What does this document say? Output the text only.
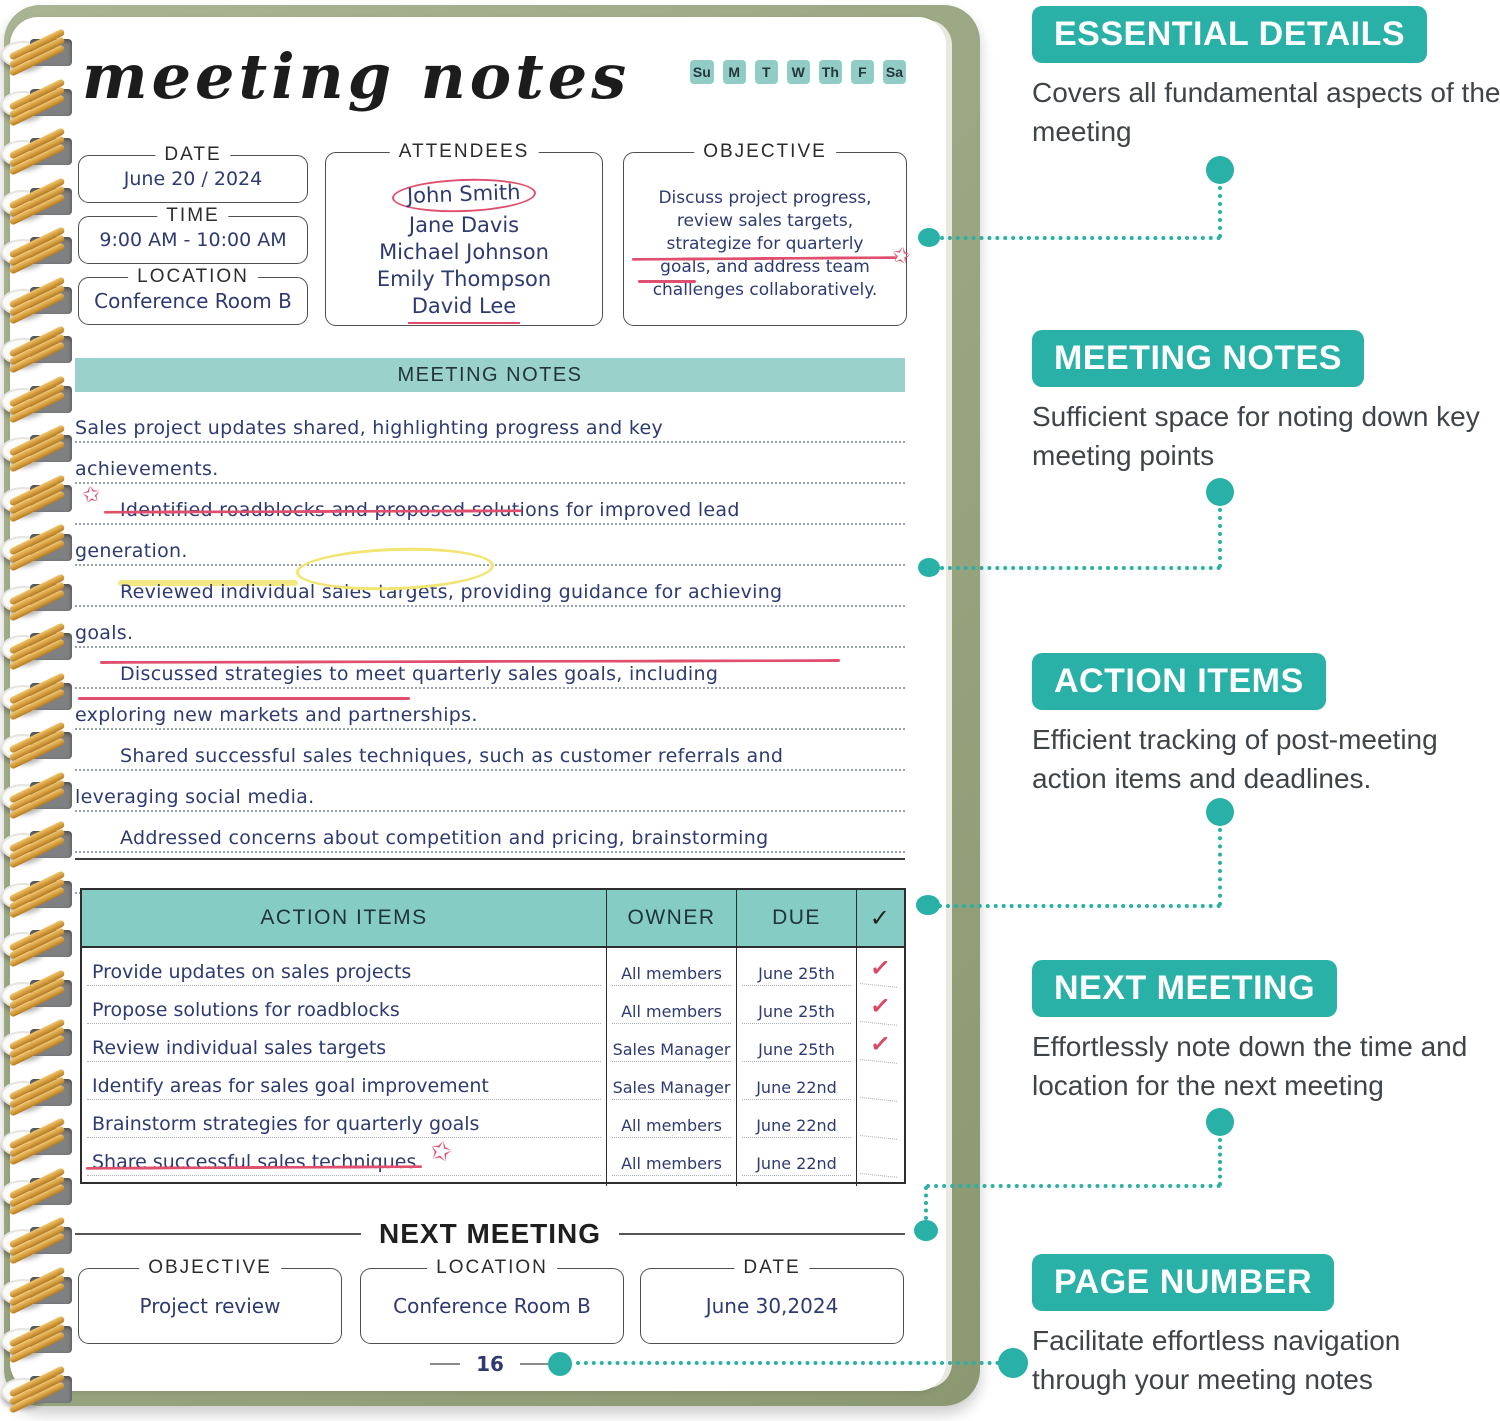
meeting notes	Su	M	T	W	Th	F	Sa
DATE
June 20 / 2024
TIME
9:00 AM - 10:00 AM
LOCATION
Conference Room B
ATTENDEES
John Smith
Jane Davis
Michael Johnson
Emily Thompson
David Lee
OBJECTIVE
Discuss project progress,
review sales targets,
strategize for quarterly
goals, and address team
challenges collaboratively.
✩
MEETING NOTES
Sales project updates shared, highlighting progress and key
achievements.
Identified roadblocks and proposed solutions for improved lead
generation.
Reviewed individual sales targets, providing guidance for achieving
goals.
Discussed strategies to meet quarterly sales goals, including
exploring new markets and partnerships.
Shared successful sales techniques, such as customer referrals and
leveraging social media.
Addressed concerns about competition and pricing, brainstorming
✩
ACTION ITEMS	OWNER	DUE	✓
Provide updates on sales projects	All members	June 25th	✓
Propose solutions for roadblocks	All members	June 25th	✓
Review individual sales targets	Sales Manager	June 25th	✓
Identify areas for sales goal improvement	Sales Manager	June 22nd
Brainstorm strategies for quarterly goals	All members	June 22nd
Share successful sales techniques	All members	June 22nd
✩
NEXT MEETING
OBJECTIVE
Project review
LOCATION
Conference Room B
DATE
June 30,2024
16
ESSENTIAL DETAILS
Covers all fundamental aspects of the meeting
MEETING NOTES
Sufficient space for noting down key meeting points
ACTION ITEMS
Efficient tracking of post-meeting action items and deadlines.
NEXT MEETING
Effortlessly note down the time and location for the next meeting
PAGE NUMBER
Facilitate effortless navigation through your meeting notes
